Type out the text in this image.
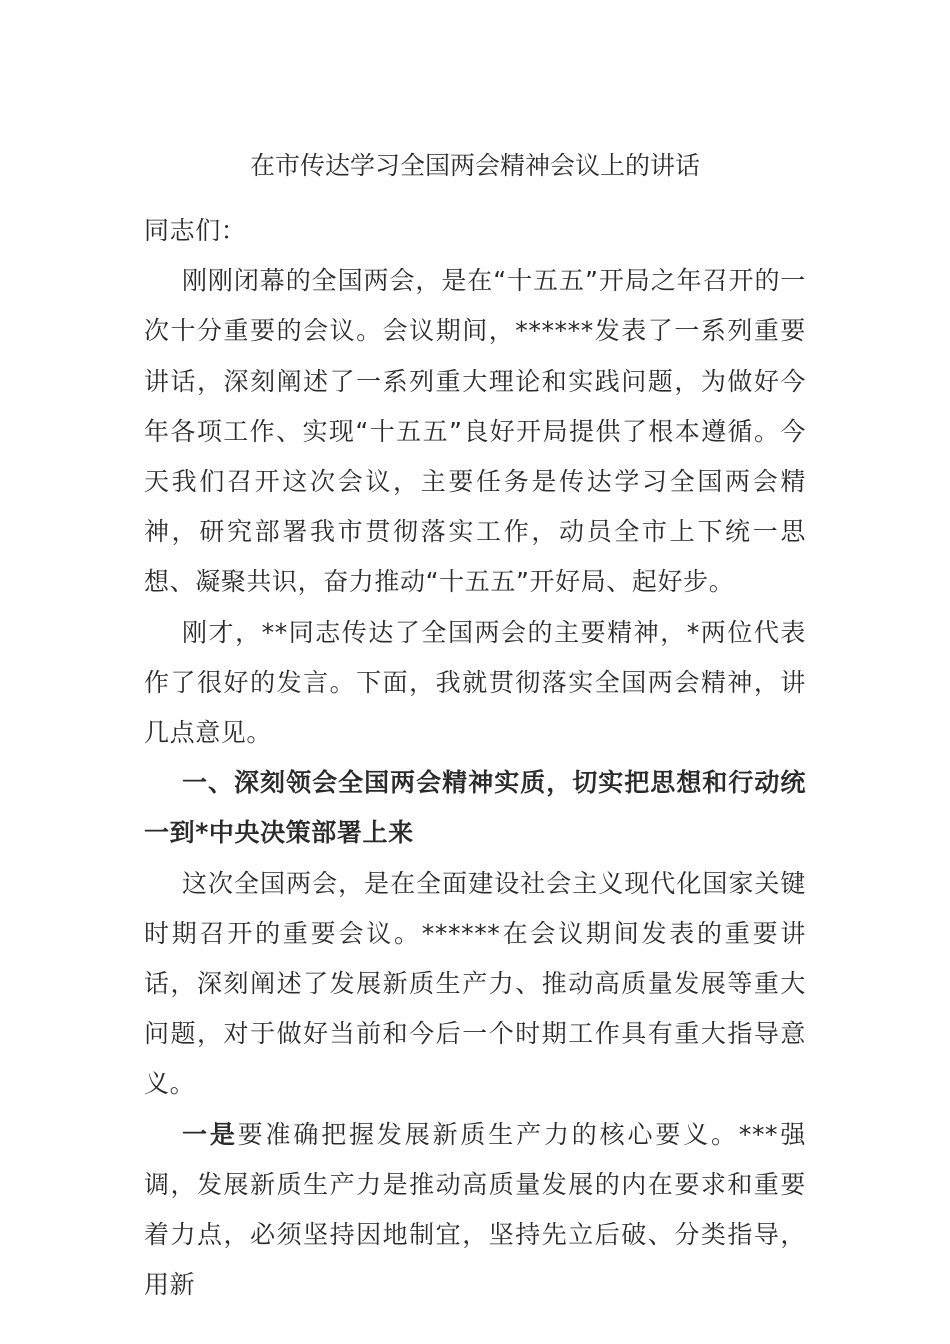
在市传达学习全国两会精神会议上的讲话

同志们：

刚刚闭幕的全国两会，是在“十五五”开局之年召开的一次十分重要的会议。会议期间，******发表了一系列重要讲话，深刻阐述了一系列重大理论和实践问题，为做好今年各项工作、实现“十五五”良好开局提供了根本遵循。今天我们召开这次会议，主要任务是传达学习全国两会精神，研究部署我市贯彻落实工作，动员全市上下统一思想、凝聚共识，奋力推动“十五五”开好局、起好步。

刚才，**同志传达了全国两会的主要精神，*两位代表作了很好的发言。下面，我就贯彻落实全国两会精神，讲几点意见。

一、深刻领会全国两会精神实质，切实把思想和行动统一到*中央决策部署上来

这次全国两会，是在全面建设社会主义现代化国家关键时期召开的重要会议。******在会议期间发表的重要讲话，深刻阐述了发展新质生产力、推动高质量发展等重大问题，对于做好当前和今后一个时期工作具有重大指导意义。

一是要准确把握发展新质生产力的核心要义。***强调，发展新质生产力是推动高质量发展的内在要求和重要着力点，必须坚持因地制宜，坚持先立后破、分类指导，用新
